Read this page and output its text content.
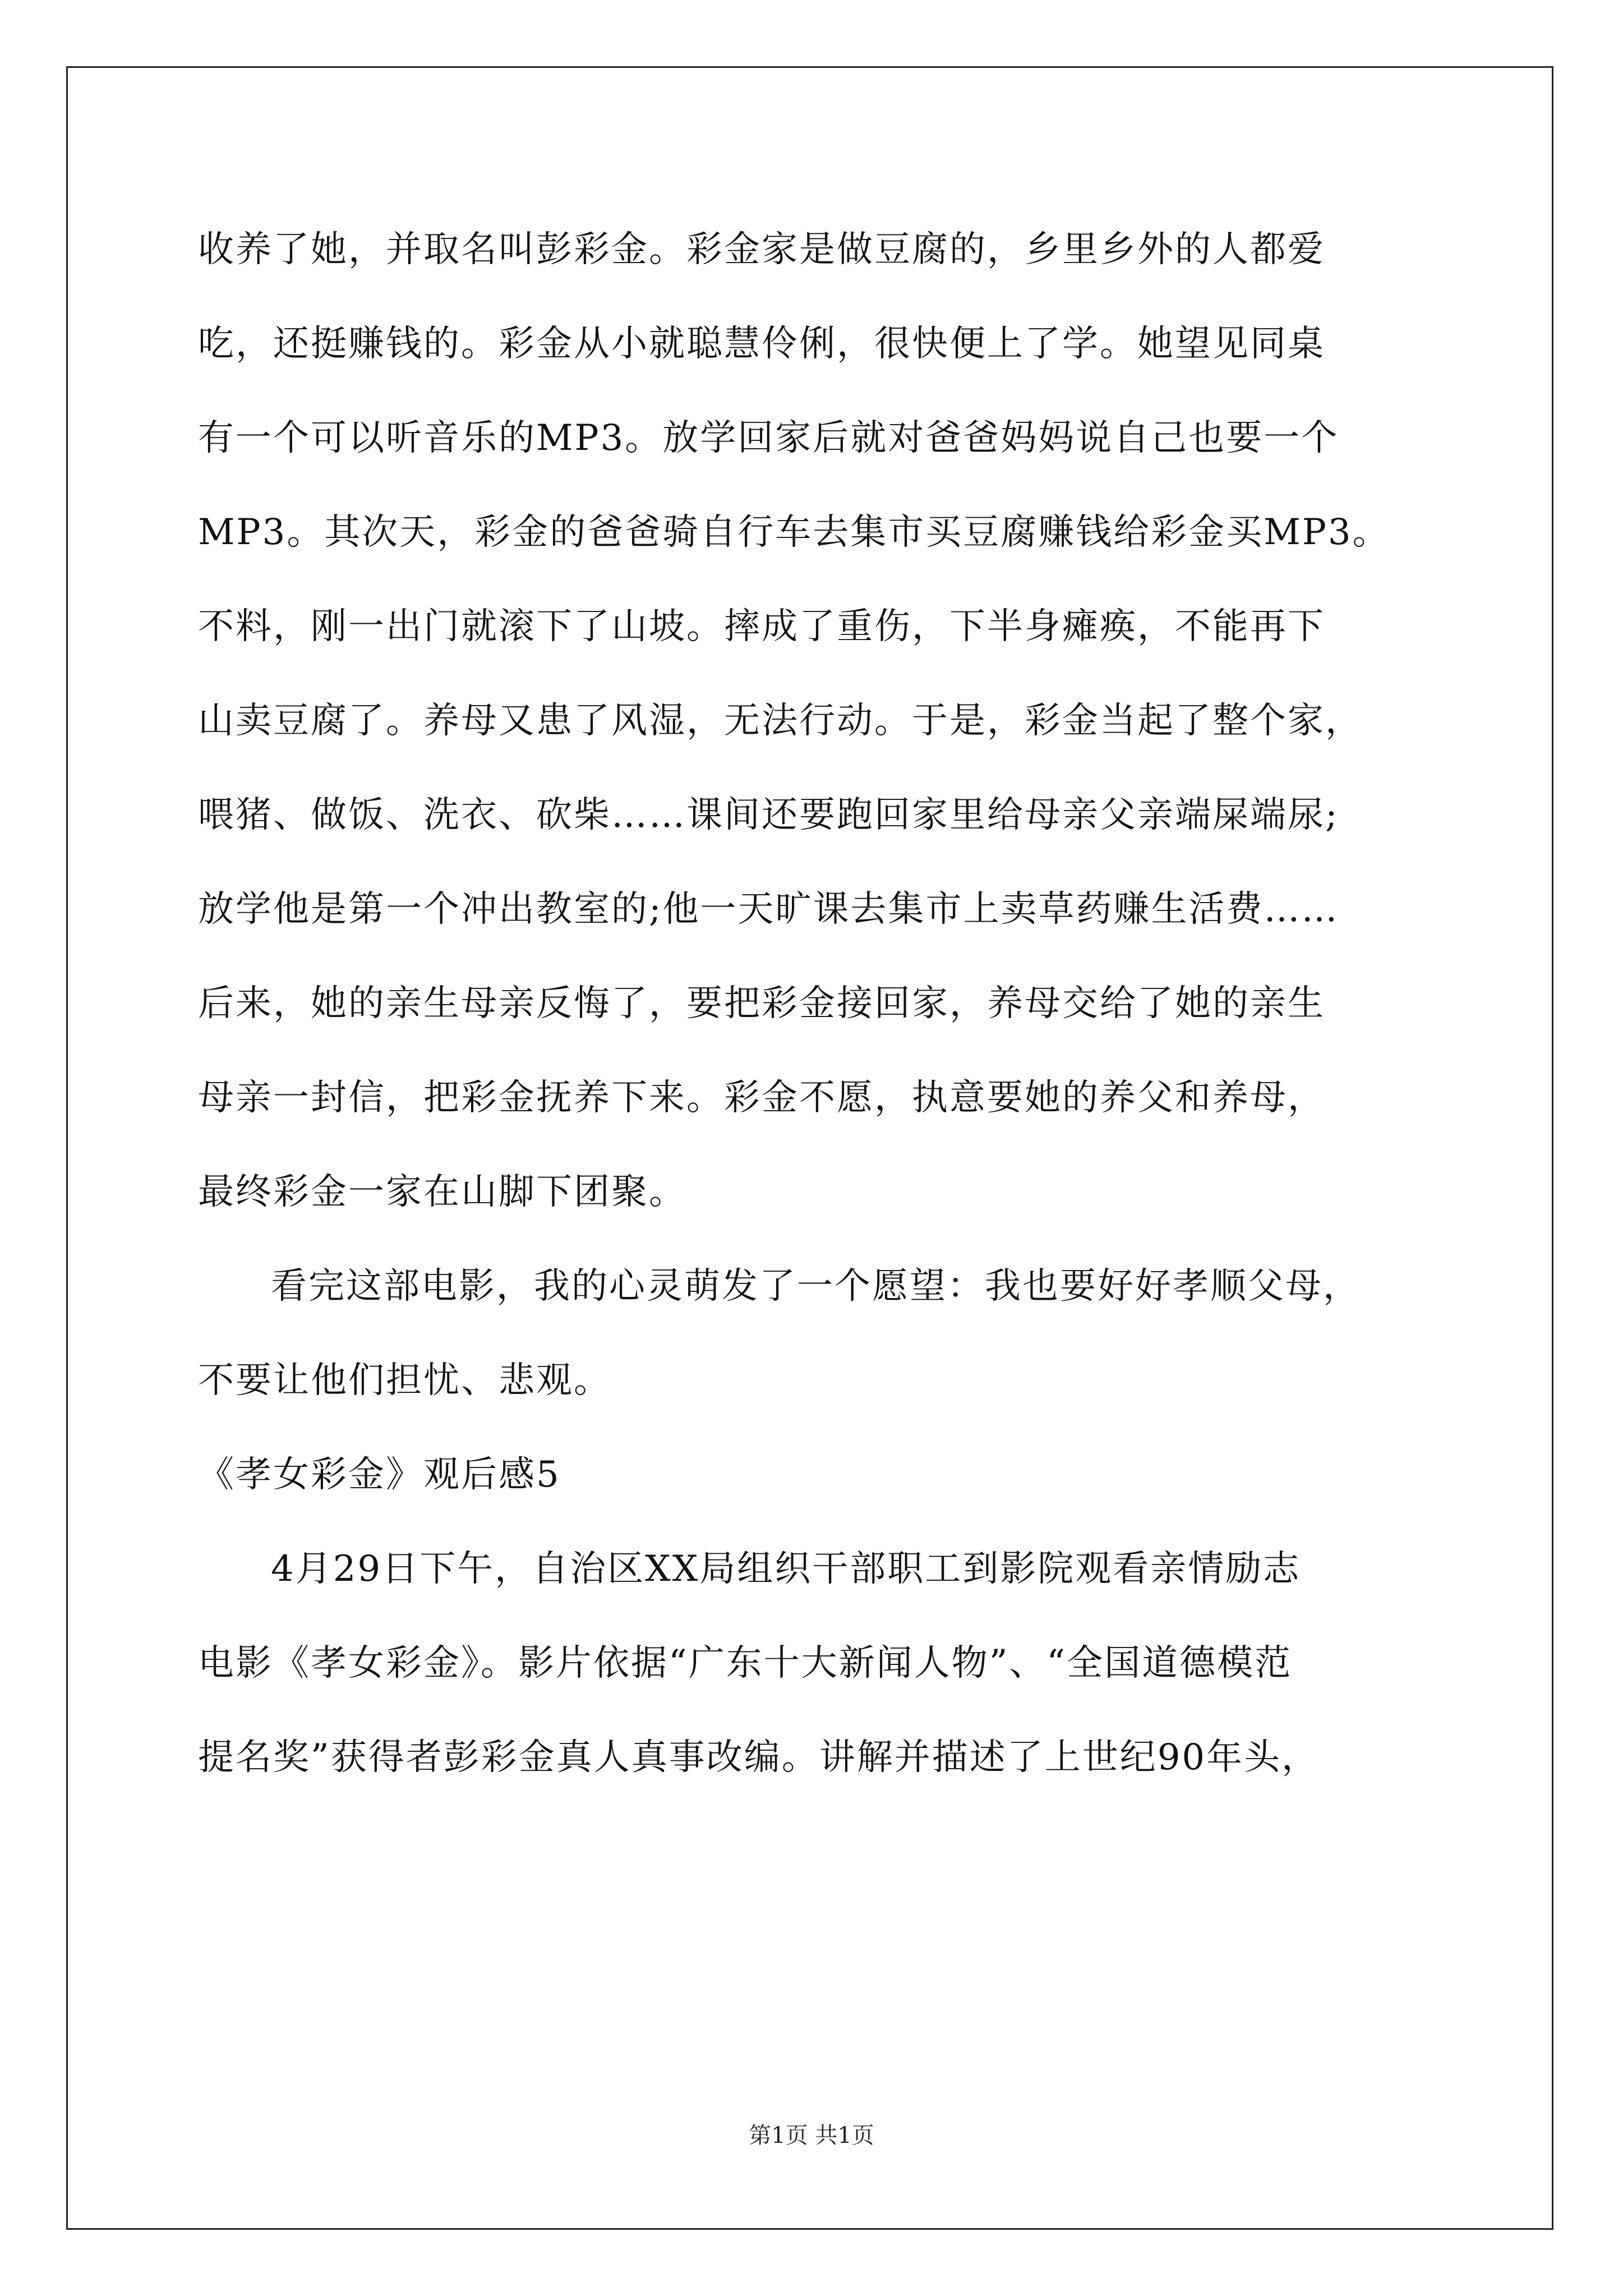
收养了她，并取名叫彭彩金。彩金家是做豆腐的，乡里乡外的人都爱
吃，还挺赚钱的。彩金从小就聪慧伶俐，很快便上了学。她望见同桌
有一个可以听音乐的MP3。放学回家后就对爸爸妈妈说自己也要一个
MP3。其次天，彩金的爸爸骑自行车去集市买豆腐赚钱给彩金买MP3。
不料，刚一出门就滚下了山坡。摔成了重伤，下半身瘫痪，不能再下
山卖豆腐了。养母又患了风湿，无法行动。于是，彩金当起了整个家，
喂猪、做饭、洗衣、砍柴……课间还要跑回家里给母亲父亲端屎端尿;
放学他是第一个冲出教室的;他一天旷课去集市上卖草药赚生活费……
后来，她的亲生母亲反悔了，要把彩金接回家，养母交给了她的亲生
母亲一封信，把彩金抚养下来。彩金不愿，执意要她的养父和养母，
最终彩金一家在山脚下团聚。
看完这部电影，我的心灵萌发了一个愿望：我也要好好孝顺父母，
不要让他们担忧、悲观。
《孝女彩金》观后感5
4月29日下午，自治区XX局组织干部职工到影院观看亲情励志
电影《孝女彩金》。影片依据“广东十大新闻人物”、“全国道德模范
提名奖”获得者彭彩金真人真事改编。讲解并描述了上世纪90年头，
第1页 共1页
